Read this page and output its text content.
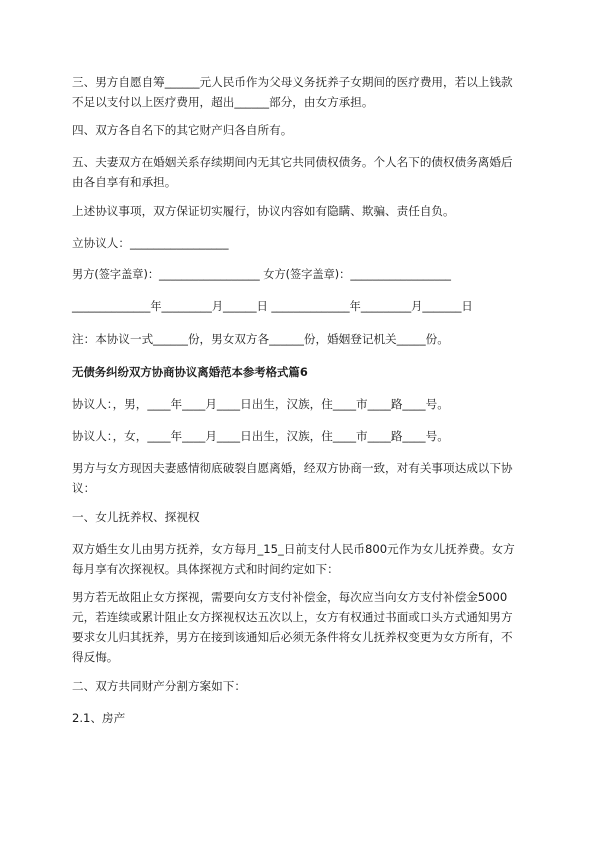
三、男方自愿自筹______元人民币作为父母义务抚养子女期间的医疗费用，若以上钱款不足以支付以上医疗费用，超出______部分，由女方承担。

四、双方各自名下的其它财产归各自所有。

五、夫妻双方在婚姻关系存续期间内无其它共同债权债务。个人名下的债权债务离婚后由各自享有和承担。

上述协议事项，双方保证切实履行，协议内容如有隐瞒、欺骗、责任自负。

立协议人：_________________

男方(签字盖章)：__________________ 女方(签字盖章)：__________________

______________年_________月______日 ______________年_________月_______日

注：本协议一式______份，男女双方各______份，婚姻登记机关_____份。

无债务纠纷双方协商协议离婚范本参考格式篇6

协议人：，男，____年____月____日出生，汉族，住____市____路____号。

协议人：，女，____年____月____日出生，汉族，住____市____路____号。

男方与女方现因夫妻感情彻底破裂自愿离婚，经双方协商一致，对有关事项达成以下协议：

一、女儿抚养权、探视权

双方婚生女儿由男方抚养，女方每月_15_日前支付人民币800元作为女儿抚养费。女方每月享有次探视权。具体探视方式和时间约定如下：

男方若无故阻止女方探视，需要向女方支付补偿金，每次应当向女方支付补偿金5000元，若连续或累计阻止女方探视权达五次以上，女方有权通过书面或口头方式通知男方要求女儿归其抚养，男方在接到该通知后必须无条件将女儿抚养权变更为女方所有，不得反悔。

二、双方共同财产分割方案如下：

2.1、房产
